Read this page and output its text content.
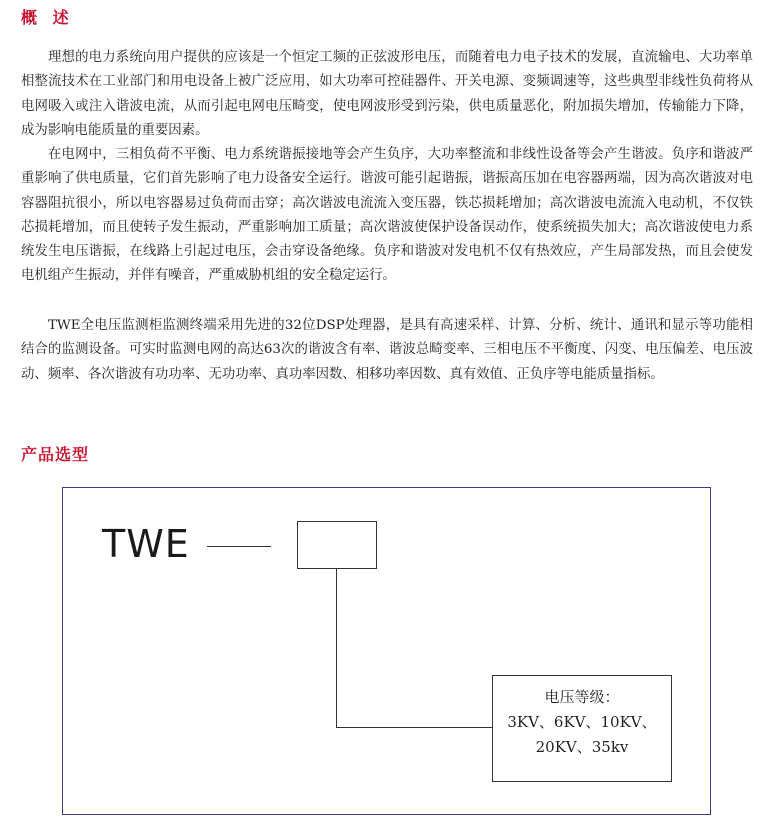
概 述

理想的电力系统向用户提供的应该是一个恒定工频的正弦波形电压，而随着电力电子技术的发展，直流输电、大功率单相整流技术在工业部门和用电设备上被广泛应用，如大功率可控硅器件、开关电源、变频调速等，这些典型非线性负荷将从电网吸入或注入谐波电流，从而引起电网电压畸变，使电网波形受到污染，供电质量恶化，附加损失增加，传输能力下降，成为影响电能质量的重要因素。

在电网中，三相负荷不平衡、电力系统谐振接地等会产生负序，大功率整流和非线性设备等会产生谐波。负序和谐波严重影响了供电质量，它们首先影响了电力设备安全运行。谐波可能引起谐振，谐振高压加在电容器两端，因为高次谐波对电容器阻抗很小，所以电容器易过负荷而击穿；高次谐波电流流入变压器，铁芯损耗增加；高次谐波电流流入电动机，不仅铁芯损耗增加，而且使转子发生振动，严重影响加工质量；高次谐波使保护设备误动作，使系统损失加大；高次谐波使电力系统发生电压谐振，在线路上引起过电压，会击穿设备绝缘。负序和谐波对发电机不仅有热效应，产生局部发热，而且会使发电机组产生振动，并伴有噪音，严重威胁机组的安全稳定运行。

TWE全电压监测柜监测终端采用先进的32位DSP处理器，是具有高速采样、计算、分析、统计、通讯和显示等功能相结合的监测设备。可实时监测电网的高达63次的谐波含有率、谐波总畸变率、三相电压不平衡度、闪变、电压偏差、电压波动、频率、各次谐波有功功率、无功功率、真功率因数、相移功率因数、真有效值、正负序等电能质量指标。

产品选型
TWE
电压等级：
3KV、6KV、10KV、
20KV、35kv
